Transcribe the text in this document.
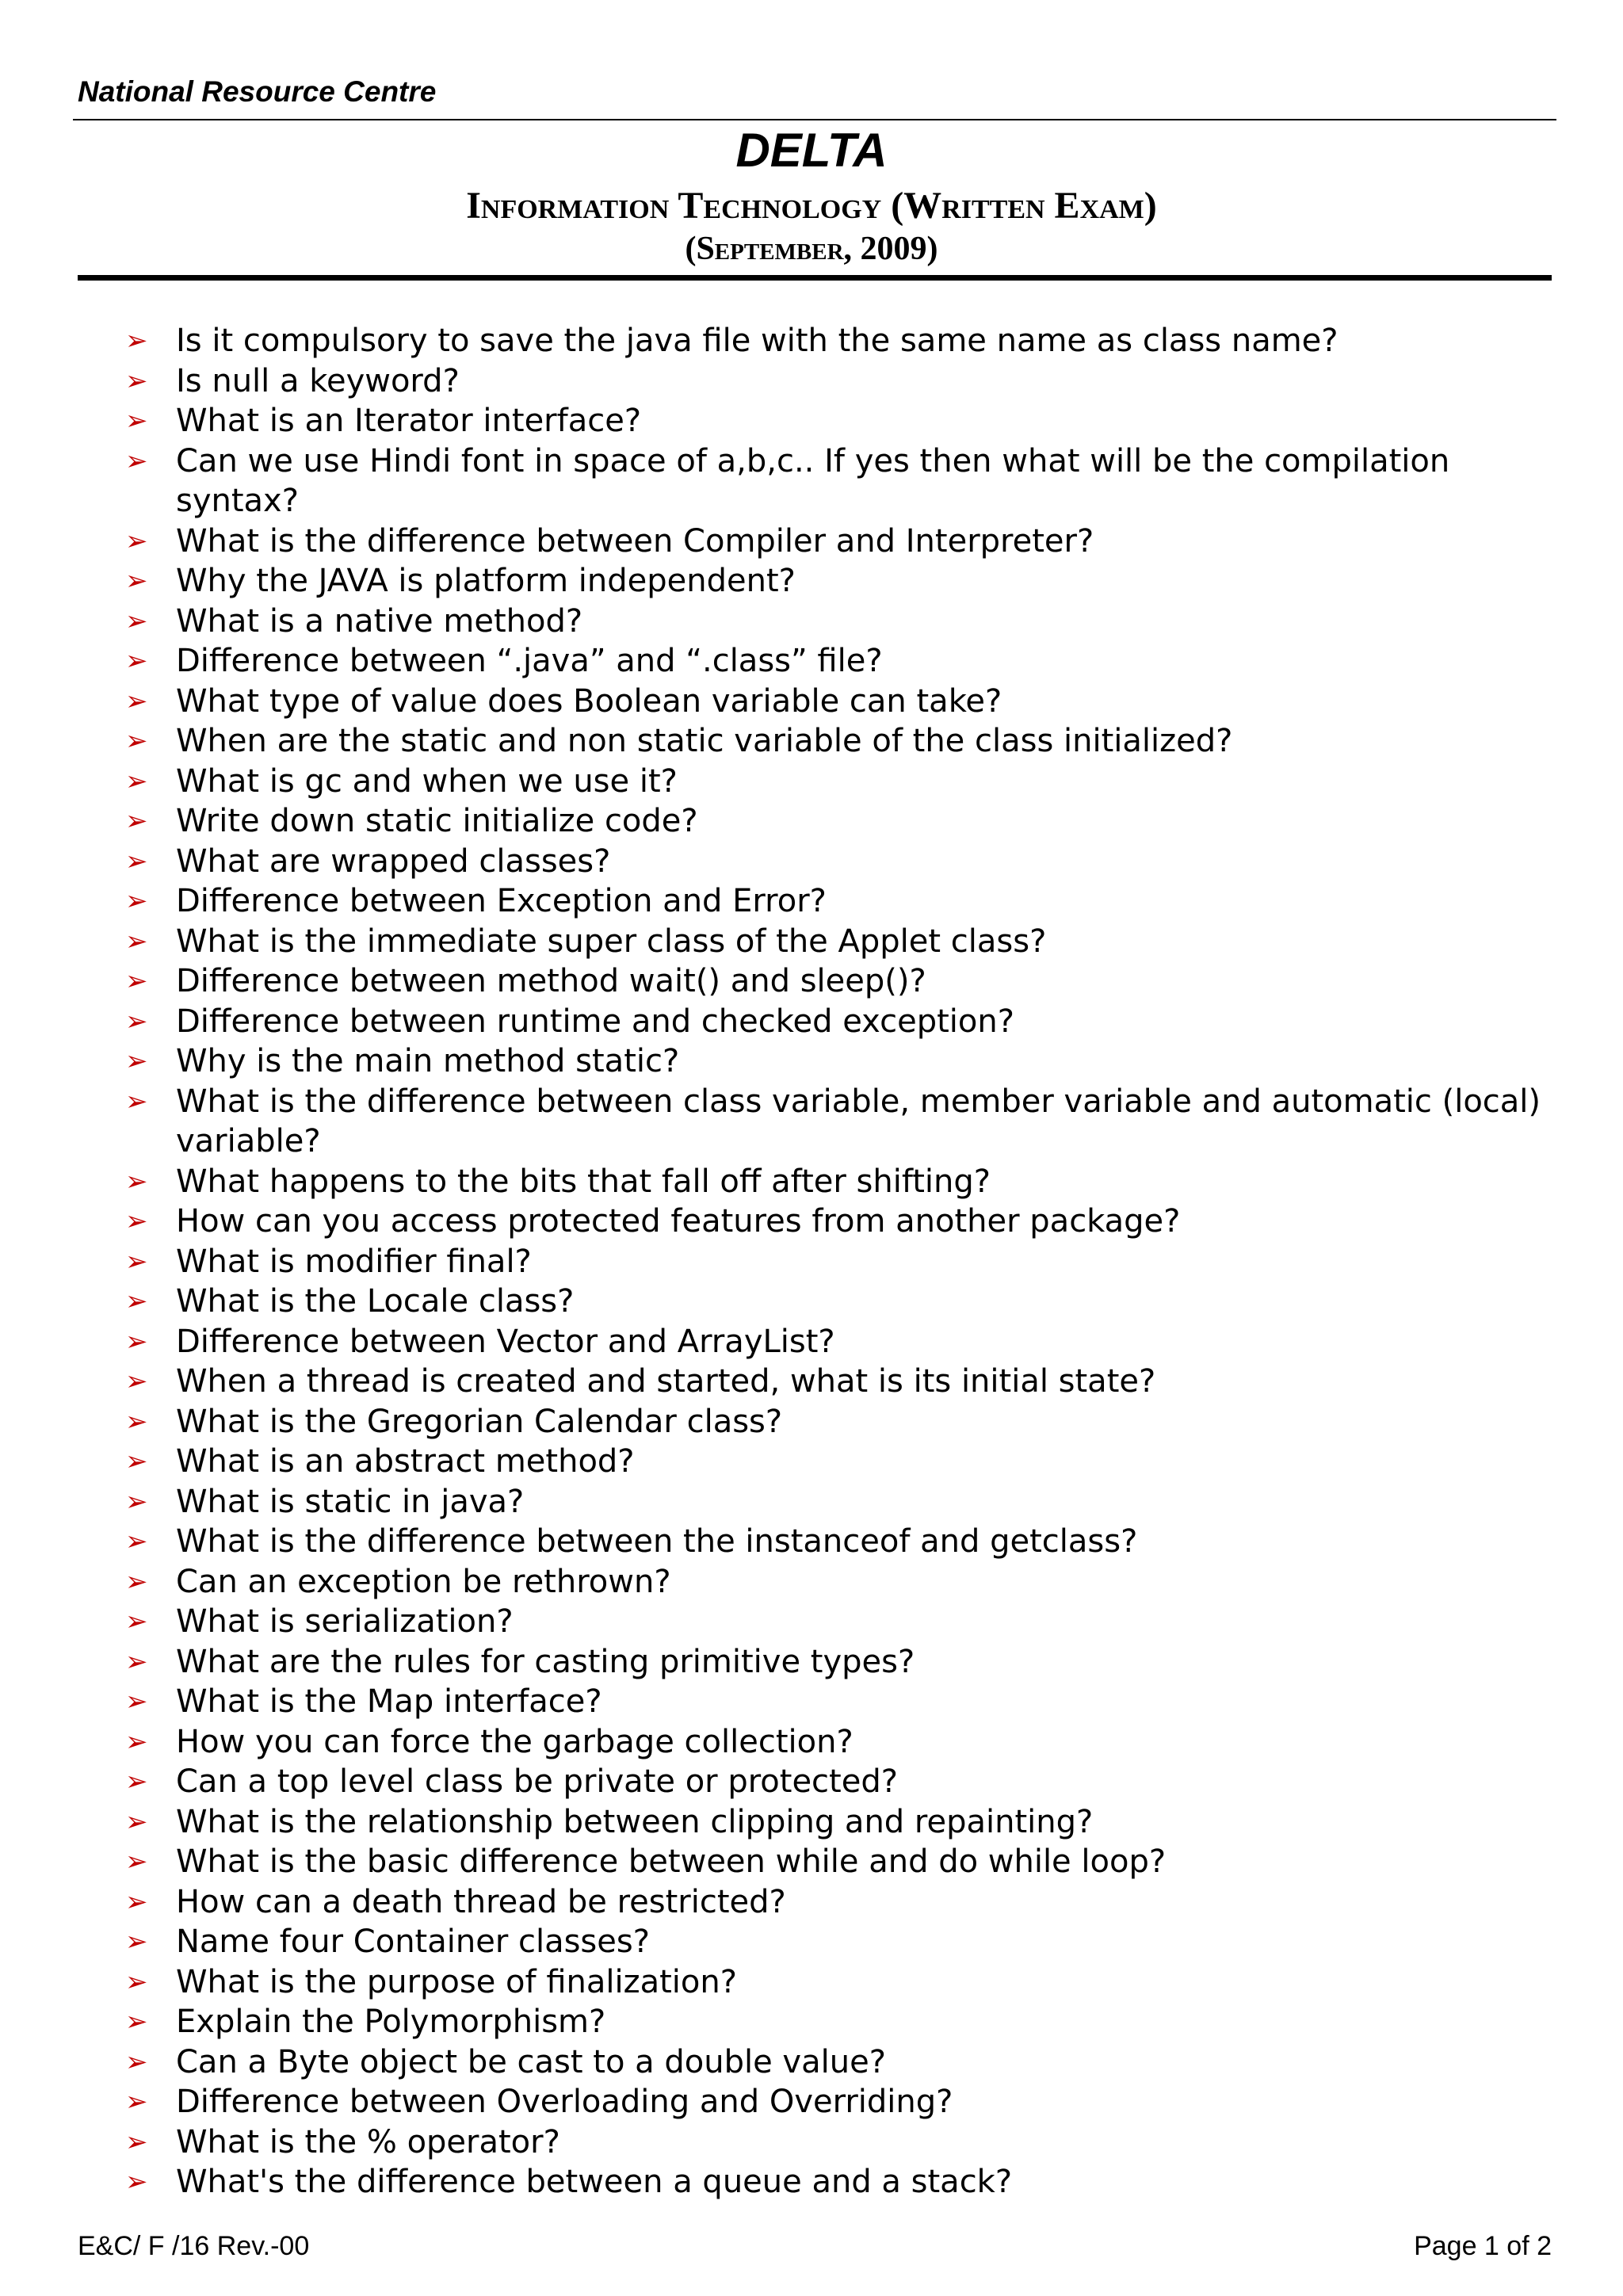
National Resource Centre
DELTA
Information Technology (Written Exam)
(September, 2009)
➢ Is it compulsory to save the java file with the same name as class name?
➢ Is null a keyword?
➢ What is an Iterator interface?
➢ Can we use Hindi font in space of a,b,c.. If yes then what will be the compilation syntax?
➢ What is the difference between Compiler and Interpreter?
➢ Why the JAVA is platform independent?
➢ What is a native method?
➢ Difference between “.java” and “.class” file?
➢ What type of value does Boolean variable can take?
➢ When are the static and non static variable of the class initialized?
➢ What is gc and when we use it?
➢ Write down static initialize code?
➢ What are wrapped classes?
➢ Difference between Exception and Error?
➢ What is the immediate super class of the Applet class?
➢ Difference between method wait() and sleep()?
➢ Difference between runtime and checked exception?
➢ Why is the main method static?
➢ What is the difference between class variable, member variable and automatic (local) variable?
➢ What happens to the bits that fall off after shifting?
➢ How can you access protected features from another package?
➢ What is modifier final?
➢ What is the Locale class?
➢ Difference between Vector and ArrayList?
➢ When a thread is created and started, what is its initial state?
➢ What is the Gregorian Calendar class?
➢ What is an abstract method?
➢ What is static in java?
➢ What is the difference between the instanceof and getclass?
➢ Can an exception be rethrown?
➢ What is serialization?
➢ What are the rules for casting primitive types?
➢ What is the Map interface?
➢ How you can force the garbage collection?
➢ Can a top level class be private or protected?
➢ What is the relationship between clipping and repainting?
➢ What is the basic difference between while and do while loop?
➢ How can a death thread be restricted?
➢ Name four Container classes?
➢ What is the purpose of finalization?
➢ Explain the Polymorphism?
➢ Can a Byte object be cast to a double value?
➢ Difference between Overloading and Overriding?
➢ What is the % operator?
➢ What's the difference between a queue and a stack?
E&C/ F /16 Rev.-00	Page 1 of 2
